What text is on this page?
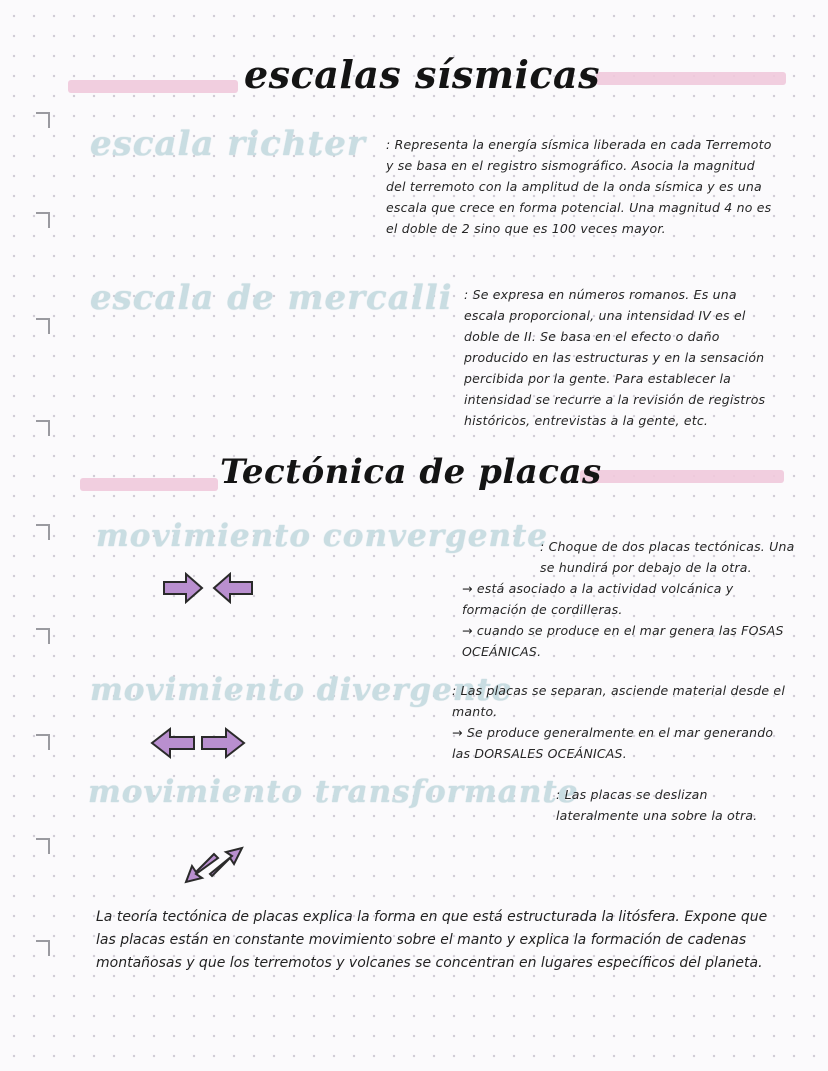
escalas sísmicas
escala richter : Representa la energía sísmica liberada en cada Terremoto y se basa en el registro sismográfico. Asocia la magnitud del terremoto con la amplitud de la onda sísmica y es una escala que crece en forma potencial. Una magnitud 4 no es el doble de 2 sino que es 100 veces mayor.
escala de mercalli : Se expresa en números romanos. Es una escala proporcional, una intensidad IV es el doble de II. Se basa en el efecto o daño producido en las estructuras y en la sensación percibida por la gente. Para establecer la intensidad se recurre a la revisión de registros históricos, entrevistas a la gente, etc.
Tectónica de placas
movimiento convergente
: Choque de dos placas tectónicas. Una se hundirá por debajo de la otra.
→ está asociado a la actividad volcánica y formación de cordilleras.
→ cuando se produce en el mar genera las FOSAS OCEÁNICAS.
movimiento divergente
: Las placas se separan, asciende material desde el manto.
→ Se produce generalmente en el mar generando las DORSALES OCEÁNICAS.
movimiento transformante
: Las placas se deslizan lateralmente una sobre la otra.
La teoría tectónica de placas explica la forma en que está estructurada la litósfera. Expone que las placas están en constante movimiento sobre el manto y explica la formación de cadenas montañosas y que los terremotos y volcanes se concentran en lugares específicos del planeta.
